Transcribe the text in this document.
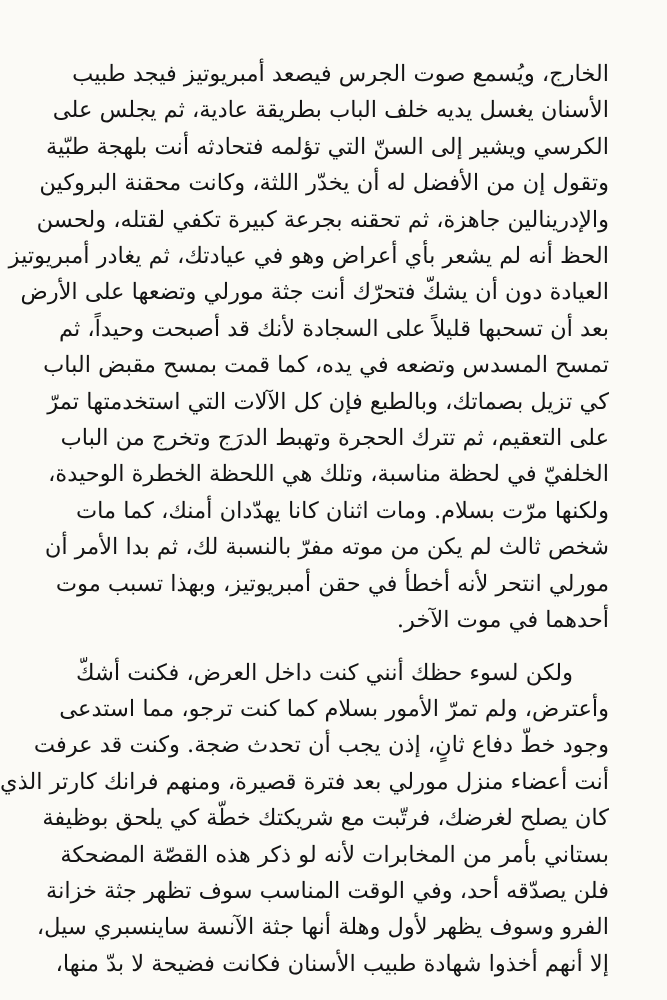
الخارج، ويُسمع صوت الجرس فيصعد أمبريوتيز فيجد طبيب
الأسنان يغسل يديه خلف الباب بطريقة عادية، ثم يجلس على
الكرسي ويشير إلى السنّ التي تؤلمه فتحادثه أنت بلهجة طبّية
وتقول إن من الأفضل له أن يخدّر اللثة، وكانت محقنة البروكين
والإدرينالين جاهزة، ثم تحقنه بجرعة كبيرة تكفي لقتله، ولحسن
الحظ أنه لم يشعر بأي أعراض وهو في عيادتك، ثم يغادر أمبريوتيز
العيادة دون أن يشكّ فتحرّك أنت جثة مورلي وتضعها على الأرض
بعد أن تسحبها قليلاً على السجادة لأنك قد أصبحت وحيداً، ثم
تمسح المسدس وتضعه في يده، كما قمت بمسح مقبض الباب
كي تزيل بصماتك، وبالطبع فإن كل الآلات التي استخدمتها تمرّ
على التعقيم، ثم تترك الحجرة وتهبط الدرَج وتخرج من الباب
الخلفيّ في لحظة مناسبة، وتلك هي اللحظة الخطرة الوحيدة،
ولكنها مرّت بسلام. ومات اثنان كانا يهدّدان أمنك، كما مات
شخص ثالث لم يكن من موته مفرّ بالنسبة لك، ثم بدا الأمر أن
مورلي انتحر لأنه أخطأ في حقن أمبريوتيز، وبهذا تسبب موت
أحدهما في موت الآخر.
ولكن لسوء حظك أنني كنت داخل العرض، فكنت أشكّ
وأعترض، ولم تمرّ الأمور بسلام كما كنت ترجو، مما استدعى
وجود خطّ دفاع ثانٍ، إذن يجب أن تحدث ضجة. وكنت قد عرفت
أنت أعضاء منزل مورلي بعد فترة قصيرة، ومنهم فرانك كارتر الذي
كان يصلح لغرضك، فرتّبت مع شريكتك خطّة كي يلحق بوظيفة
بستاني بأمر من المخابرات لأنه لو ذكر هذه القصّة المضحكة
فلن يصدّقه أحد، وفي الوقت المناسب سوف تظهر جثة خزانة
الفرو وسوف يظهر لأول وهلة أنها جثة الآنسة ساينسبري سيل،
إلا أنهم أخذوا شهادة طبيب الأسنان فكانت فضيحة لا بدّ منها،
